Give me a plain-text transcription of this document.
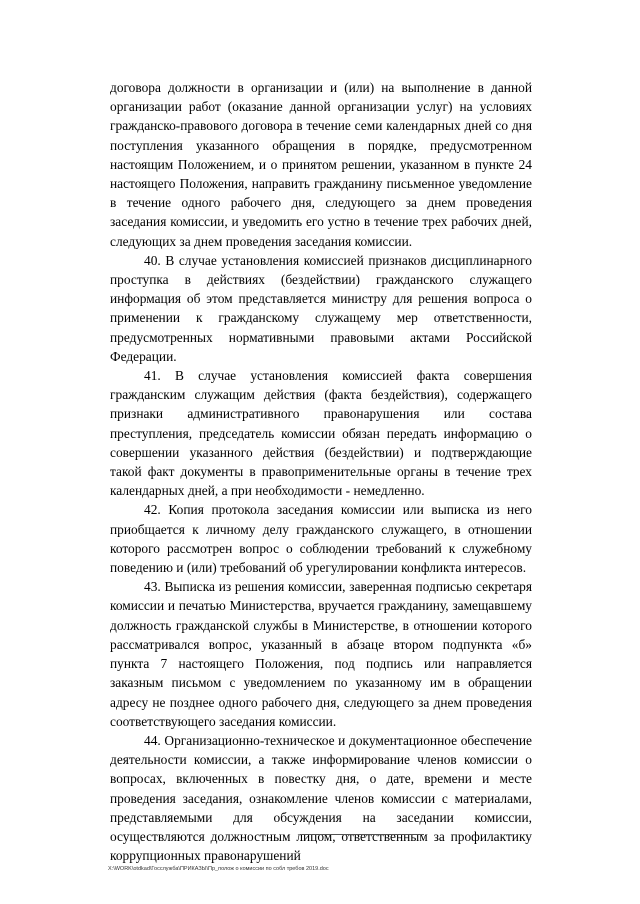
договора должности в организации и (или) на выполнение в данной организации работ (оказание данной организации услуг) на условиях гражданско-правового договора в течение семи календарных дней со дня поступления указанного обращения в порядке, предусмотренном настоящим Положением, и о принятом решении, указанном в пункте 24 настоящего Положения, направить гражданину письменное уведомление в течение одного рабочего дня, следующего за днем проведения заседания комиссии, и уведомить его устно в течение трех рабочих дней, следующих за днем проведения заседания комиссии.

40. В случае установления комиссией признаков дисциплинарного проступка в действиях (бездействии) гражданского служащего информация об этом представляется министру для решения вопроса о применении к гражданскому служащему мер ответственности, предусмотренных нормативными правовыми актами Российской Федерации.

41. В случае установления комиссией факта совершения гражданским служащим действия (факта бездействия), содержащего признаки административного правонарушения или состава преступления, председатель комиссии обязан передать информацию о совершении указанного действия (бездействии) и подтверждающие такой факт документы в правоприменительные органы в течение трех календарных дней, а при необходимости - немедленно.

42. Копия протокола заседания комиссии или выписка из него приобщается к личному делу гражданского служащего, в отношении которого рассмотрен вопрос о соблюдении требований к служебному поведению и (или) требований об урегулировании конфликта интересов.

43. Выписка из решения комиссии, заверенная подписью секретаря комиссии и печатью Министерства, вручается гражданину, замещавшему должность гражданской службы в Министерстве, в отношении которого рассматривался вопрос, указанный в абзаце втором подпункта «б» пункта 7 настоящего Положения, под подпись или направляется заказным письмом с уведомлением по указанному им в обращении адресу не позднее одного рабочего дня, следующего за днем проведения соответствующего заседания комиссии.

44. Организационно-техническое и документационное обеспечение деятельности комиссии, а также информирование членов комиссии о вопросах, включенных в повестку дня, о дате, времени и месте проведения заседания, ознакомление членов комиссии с материалами, представляемыми для обсуждения на заседании комиссии, осуществляются должностным лицом, ответственным за профилактику коррупционных правонарушений

X:\WORK\otdkad\Госслужба\ПРИКАЗЫ\Пр_полож о комиссии по собл требов 2019.doc
